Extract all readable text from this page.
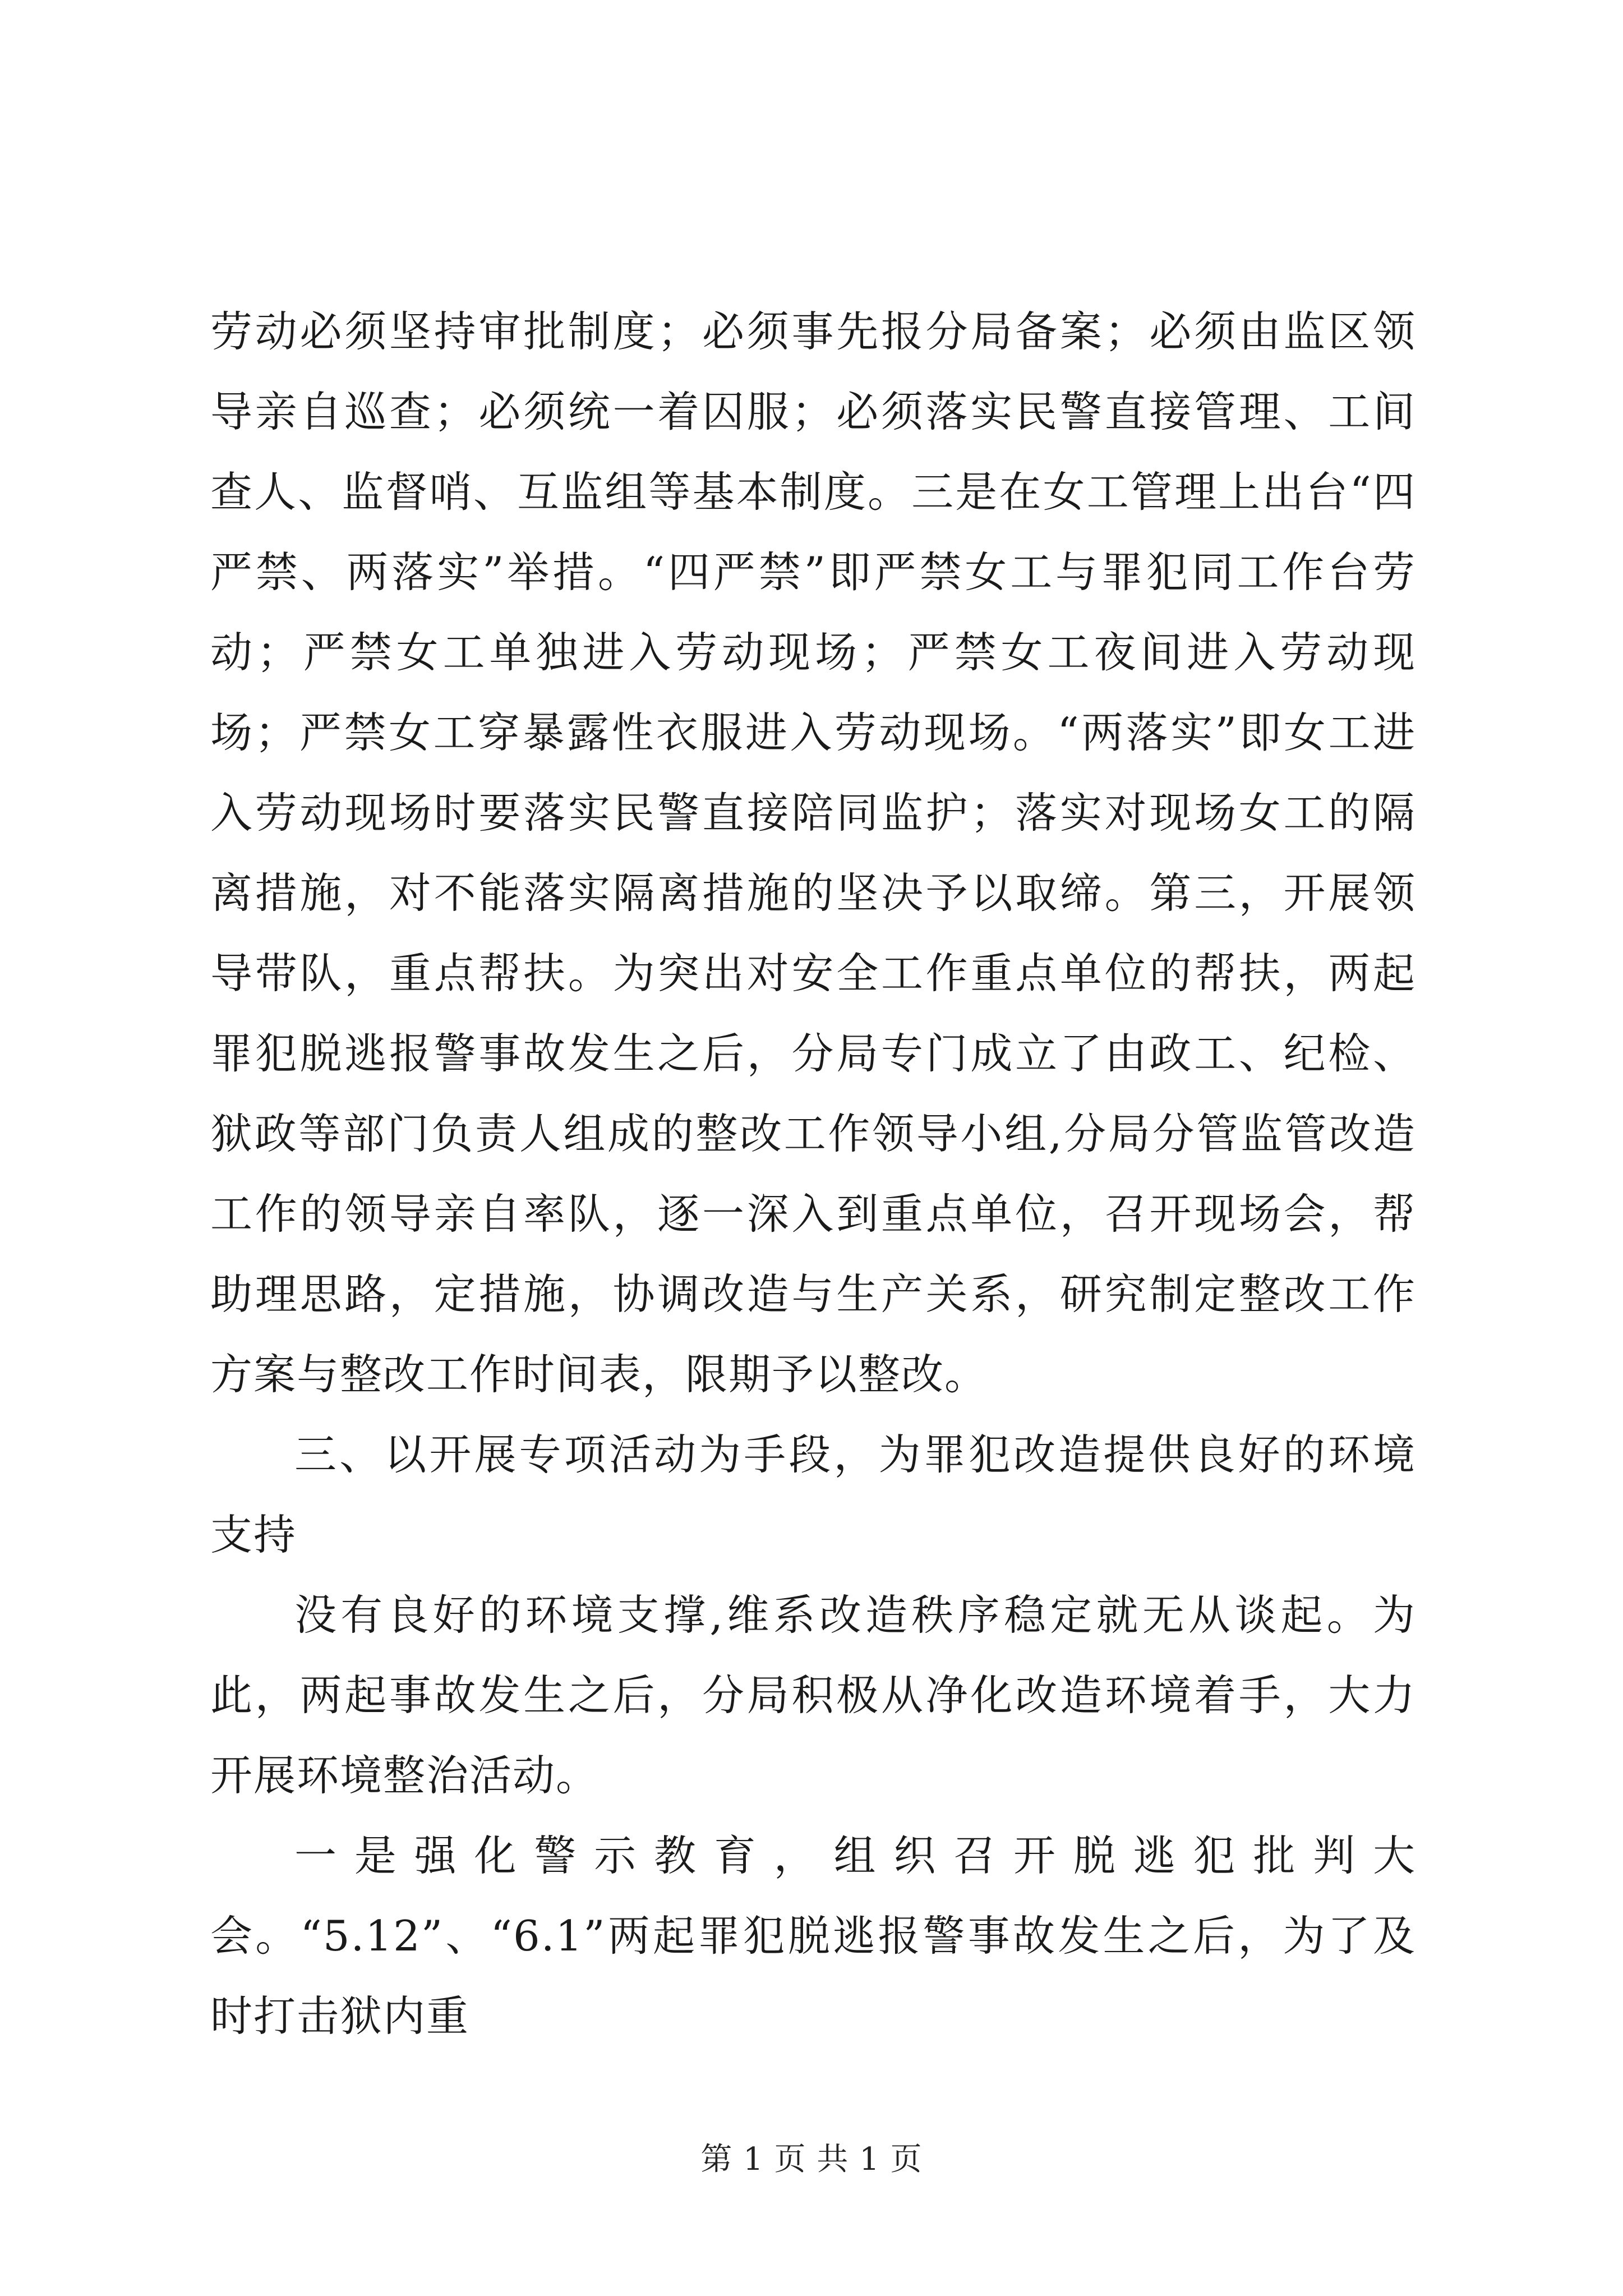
劳动必须坚持审批制度；必须事先报分局备案；必须由监区领导亲自巡查；必须统一着囚服；必须落实民警直接管理、工间查人、监督哨、互监组等基本制度。三是在女工管理上出台“四严禁、两落实”举措。“四严禁”即严禁女工与罪犯同工作台劳动；严禁女工单独进入劳动现场；严禁女工夜间进入劳动现场；严禁女工穿暴露性衣服进入劳动现场。“两落实”即女工进入劳动现场时要落实民警直接陪同监护；落实对现场女工的隔离措施，对不能落实隔离措施的坚决予以取缔。第三，开展领导带队，重点帮扶。为突出对安全工作重点单位的帮扶，两起罪犯脱逃报警事故发生之后，分局专门成立了由政工、纪检、狱政等部门负责人组成的整改工作领导小组,分局分管监管改造工作的领导亲自率队，逐一深入到重点单位，召开现场会，帮助理思路，定措施，协调改造与生产关系，研究制定整改工作方案与整改工作时间表，限期予以整改。

三、以开展专项活动为手段，为罪犯改造提供良好的环境支持

没有良好的环境支撑,维系改造秩序稳定就无从谈起。为此，两起事故发生之后，分局积极从净化改造环境着手，大力开展环境整治活动。

一是强化警示教育，组织召开脱逃犯批判大会。“5.12”、“6.1”两起罪犯脱逃报警事故发生之后，为了及时打击狱内重

第 1 页 共 1 页
